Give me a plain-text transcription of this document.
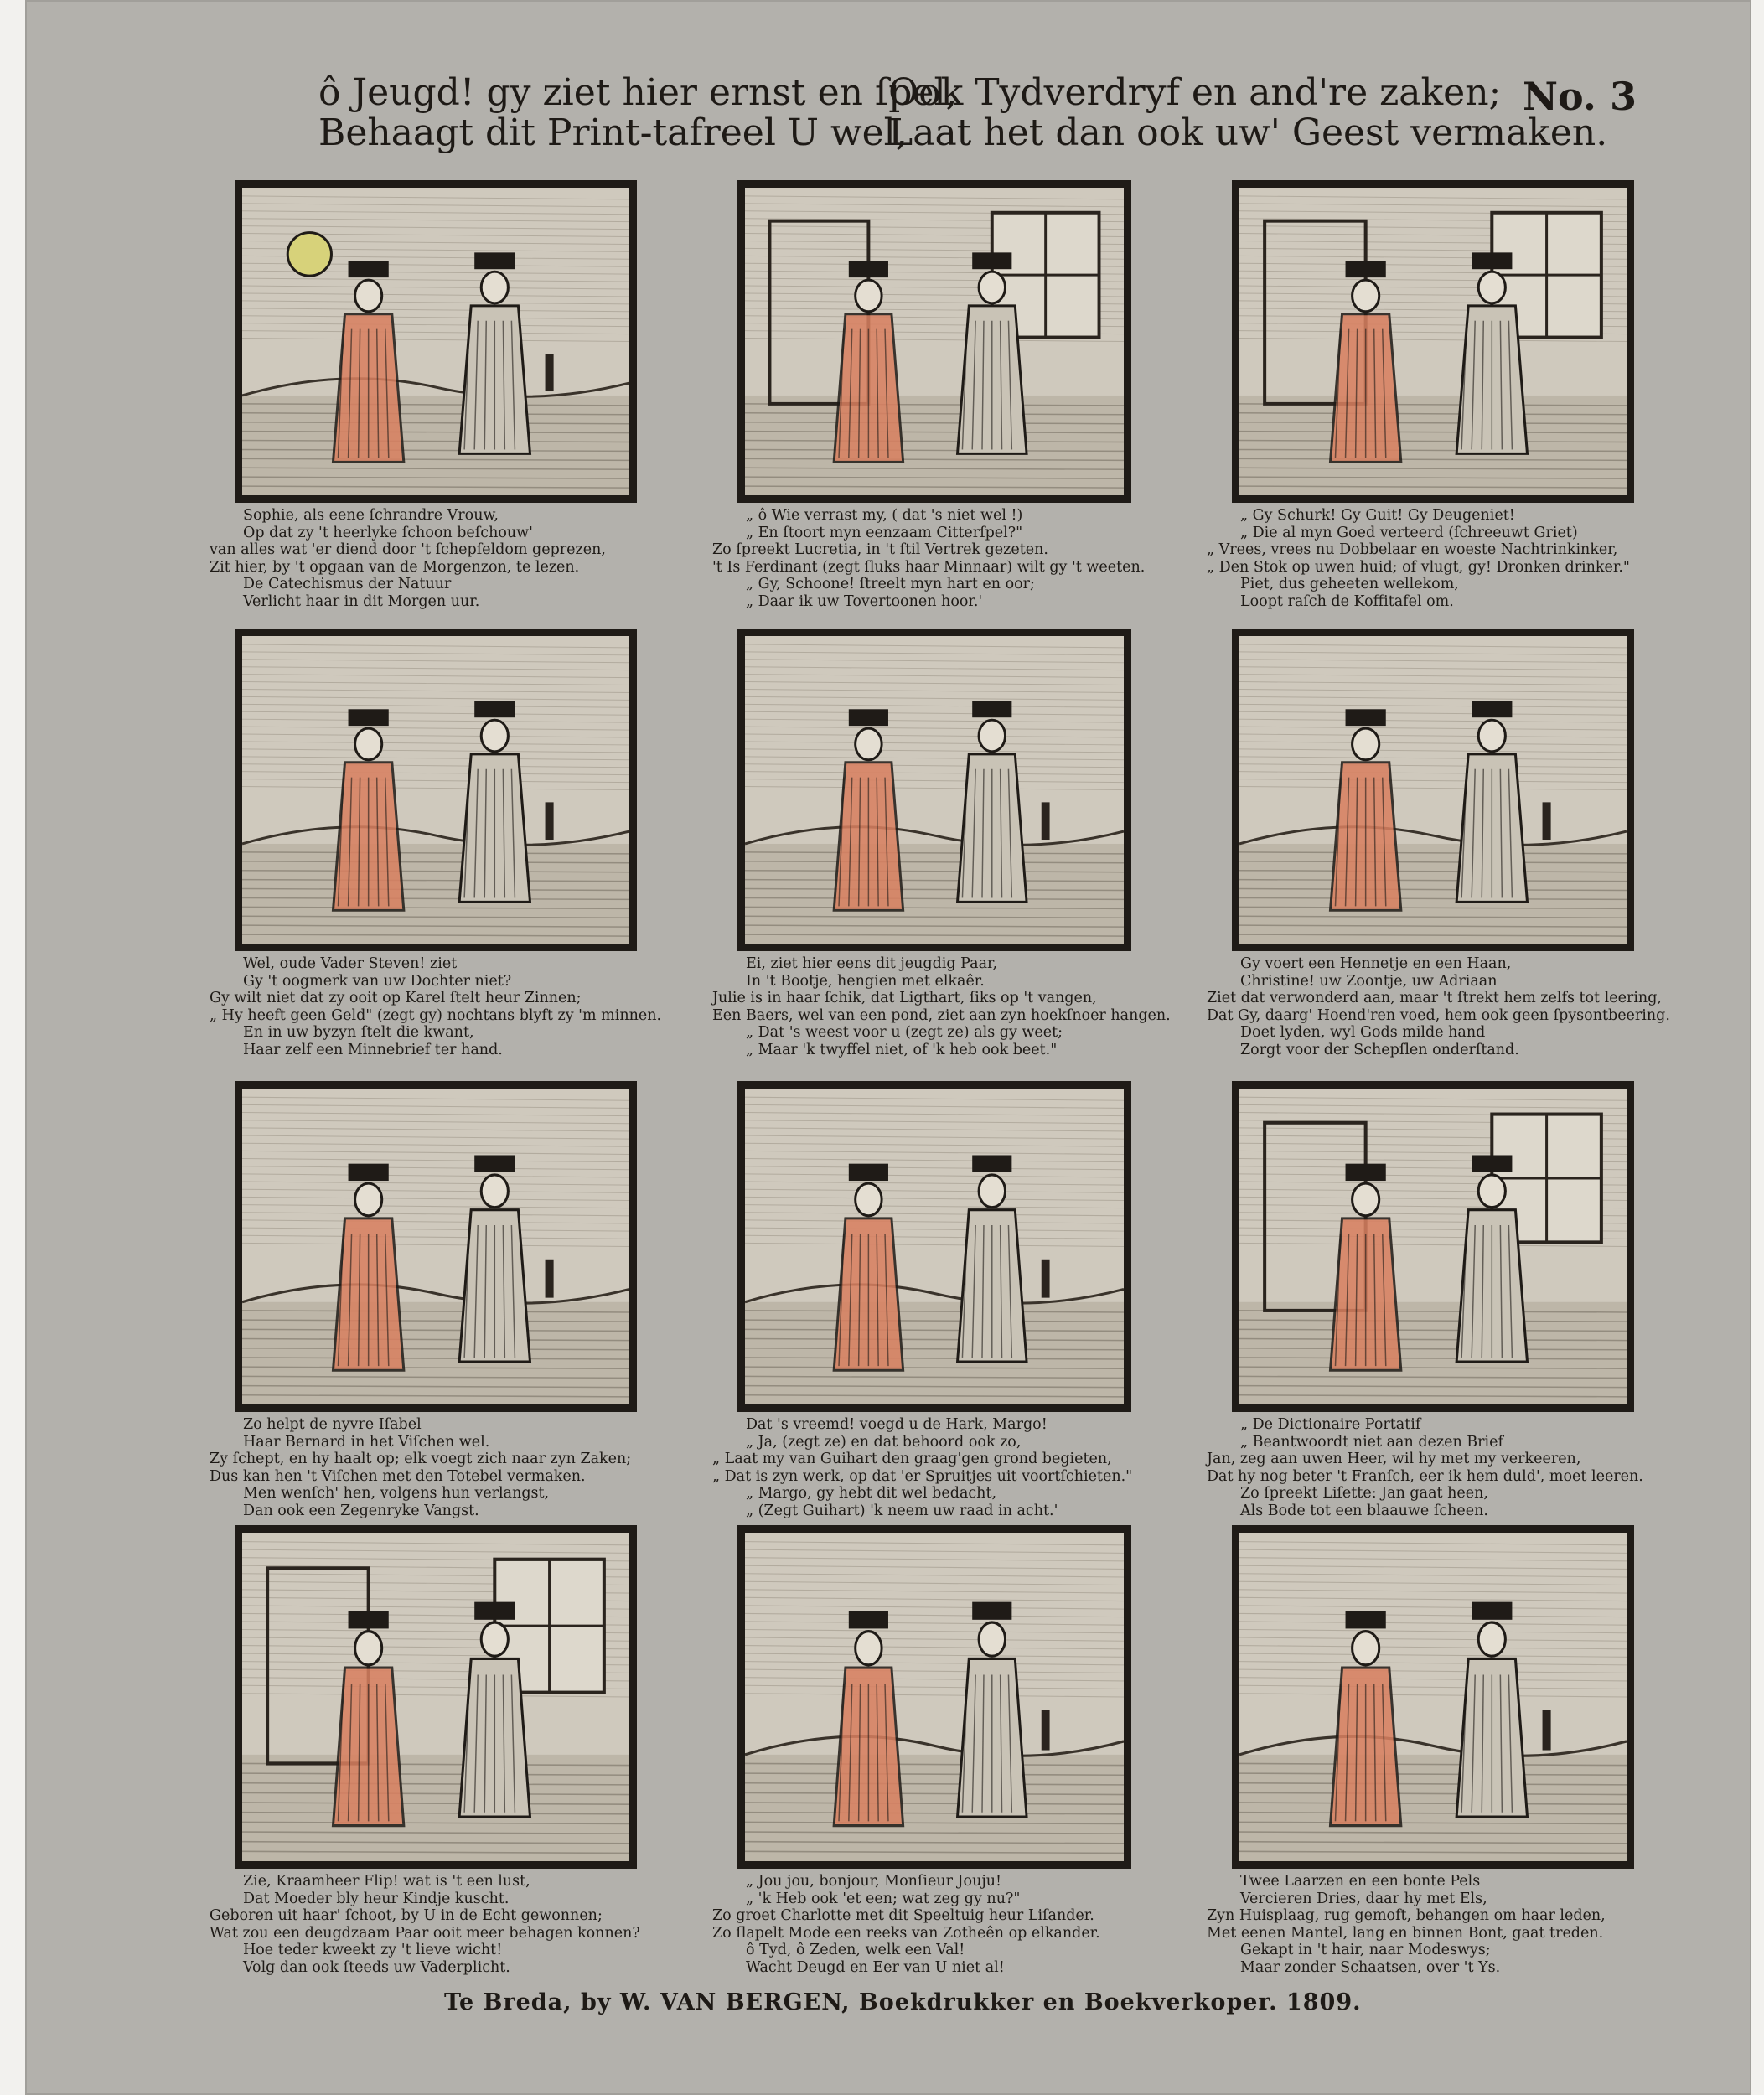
ô Jeugd! gy ziet hier ernst en ſpel,
Ook Tydverdryf en and're zaken;
Behaagt dit Print-tafreel U wel,
Laat het dan ook uw' Geest vermaken.
No. 3
Sophie, als eene ſchrandre Vrouw,
Op dat zy 't heerlyke ſchoon beſchouw'
van alles wat 'er diend door 't ſchepſeldom geprezen,
Zit hier, by 't opgaan van de Morgenzon, te lezen.
De Catechismus der Natuur
Verlicht haar in dit Morgen uur.
„ ô Wie verrast my, ( dat 's niet wel !)
„ En ſtoort myn eenzaam Citterſpel?"
Zo ſpreekt Lucretia, in 't ſtil Vertrek gezeten.
't Is Ferdinant (zegt ſluks haar Minnaar) wilt gy 't weeten.
„ Gy, Schoone! ſtreelt myn hart en oor;
„ Daar ik uw Tovertoonen hoor.'
„ Gy Schurk! Gy Guit! Gy Deugeniet!
„ Die al myn Goed verteerd (ſchreeuwt Griet)
„ Vrees, vrees nu Dobbelaar en woeste Nachtrinkinker,
„ Den Stok op uwen huid; of vlugt, gy! Dronken drinker."
Piet, dus geheeten wellekom,
Loopt raſch de Koffitafel om.
Wel, oude Vader Steven! ziet
Gy 't oogmerk van uw Dochter niet?
Gy wilt niet dat zy ooit op Karel ſtelt heur Zinnen;
„ Hy heeft geen Geld" (zegt gy) nochtans blyft zy 'm minnen.
En in uw byzyn ſtelt die kwant,
Haar zelf een Minnebrief ter hand.
Ei, ziet hier eens dit jeugdig Paar,
In 't Bootje, hengien met elkaêr.
Julie is in haar ſchik, dat Ligthart, ſiks op 't vangen,
Een Baers, wel van een pond, ziet aan zyn hoekſnoer hangen.
„ Dat 's weest voor u (zegt ze) als gy weet;
„ Maar 'k twyffel niet, of 'k heb ook beet."
Gy voert een Hennetje en een Haan,
Christine! uw Zoontje, uw Adriaan
Ziet dat verwonderd aan, maar 't ſtrekt hem zelfs tot leering,
Dat Gy, daarg' Hoend'ren voed, hem ook geen ſpysontbeering.
Doet lyden, wyl Gods milde hand
Zorgt voor der Schepſlen onderſtand.
Zo helpt de nyvre Iſabel
Haar Bernard in het Viſchen wel.
Zy ſchept, en hy haalt op; elk voegt zich naar zyn Zaken;
Dus kan hen 't Viſchen met den Totebel vermaken.
Men wenſch' hen, volgens hun verlangst,
Dan ook een Zegenryke Vangst.
Dat 's vreemd! voegd u de Hark, Margo!
„ Ja, (zegt ze) en dat behoord ook zo,
„ Laat my van Guihart den graag'gen grond begieten,
„ Dat is zyn werk, op dat 'er Spruitjes uit voortſchieten."
„ Margo, gy hebt dit wel bedacht,
„ (Zegt Guihart) 'k neem uw raad in acht.'
„ De Dictionaire Portatif
„ Beantwoordt niet aan dezen Brief
Jan, zeg aan uwen Heer, wil hy met my verkeeren,
Dat hy nog beter 't Franſch, eer ik hem duld', moet leeren.
Zo ſpreekt Liſette: Jan gaat heen,
Als Bode tot een blaauwe ſcheen.
Zie, Kraamheer Flip! wat is 't een lust,
Dat Moeder bly heur Kindje kuscht.
Geboren uit haar' ſchoot, by U in de Echt gewonnen;
Wat zou een deugdzaam Paar ooit meer behagen konnen?
Hoe teder kweekt zy 't lieve wicht!
Volg dan ook ſteeds uw Vaderplicht.
„ Jou jou, bonjour, Monſieur Jouju!
„ 'k Heb ook 'et een; wat zeg gy nu?"
Zo groet Charlotte met dit Speeltuig heur Liſander.
Zo ſlapelt Mode een reeks van Zotheên op elkander.
ô Tyd, ô Zeden, welk een Val!
Wacht Deugd en Eer van U niet al!
Twee Laarzen en een bonte Pels
Vercieren Dries, daar hy met Els,
Zyn Huisplaag, rug gemoft, behangen om haar leden,
Met eenen Mantel, lang en binnen Bont, gaat treden.
Gekapt in 't hair, naar Modeswys;
Maar zonder Schaatsen, over 't Ys.
Te Breda, by W. VAN BERGEN, Boekdrukker en Boekverkoper. 1809.
